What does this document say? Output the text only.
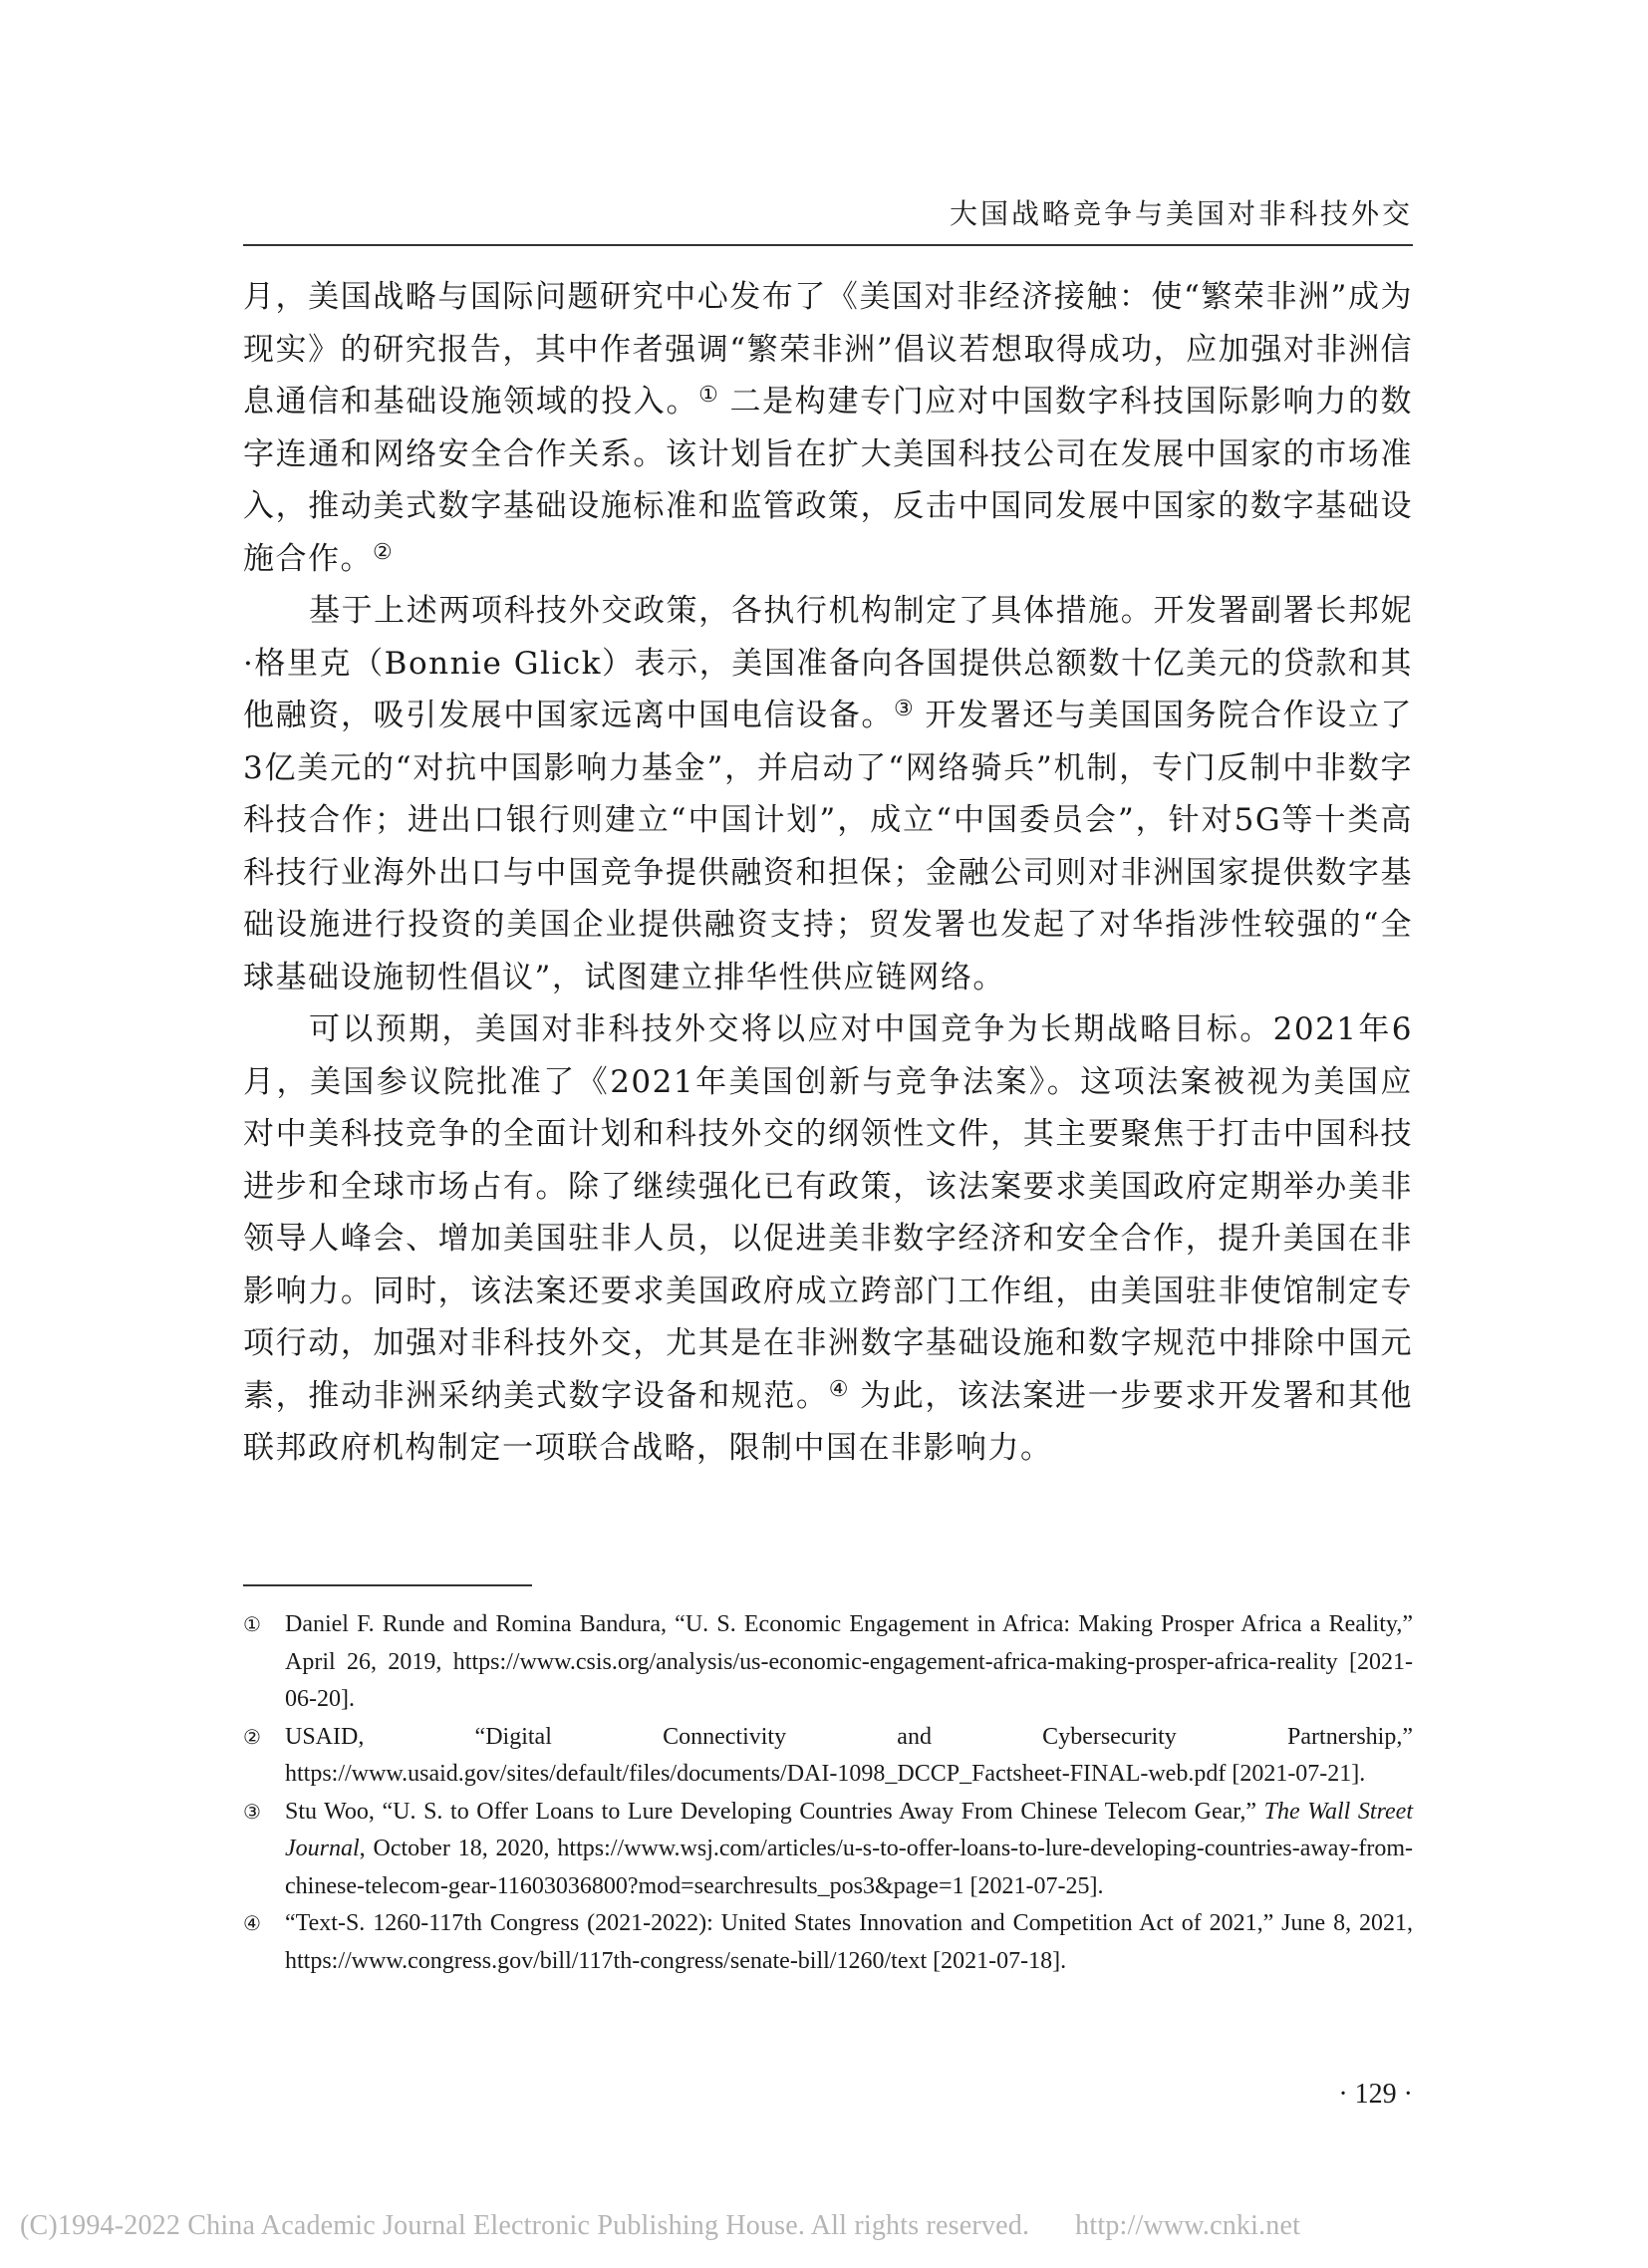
大国战略竞争与美国对非科技外交

月，美国战略与国际问题研究中心发布了《美国对非经济接触：使“繁荣非洲”成为现实》的研究报告，其中作者强调“繁荣非洲”倡议若想取得成功，应加强对非洲信息通信和基础设施领域的投入。① 二是构建专门应对中国数字科技国际影响力的数字连通和网络安全合作关系。该计划旨在扩大美国科技公司在发展中国家的市场准入，推动美式数字基础设施标准和监管政策，反击中国同发展中国家的数字基础设施合作。②

基于上述两项科技外交政策，各执行机构制定了具体措施。开发署副署长邦妮·格里克（Bonnie Glick）表示，美国准备向各国提供总额数十亿美元的贷款和其他融资，吸引发展中国家远离中国电信设备。③ 开发署还与美国国务院合作设立了3亿美元的“对抗中国影响力基金”，并启动了“网络骑兵”机制，专门反制中非数字科技合作；进出口银行则建立“中国计划”，成立“中国委员会”，针对5G等十类高科技行业海外出口与中国竞争提供融资和担保；金融公司则对非洲国家提供数字基础设施进行投资的美国企业提供融资支持；贸发署也发起了对华指涉性较强的“全球基础设施韧性倡议”，试图建立排华性供应链网络。

可以预期，美国对非科技外交将以应对中国竞争为长期战略目标。2021年6月，美国参议院批准了《2021年美国创新与竞争法案》。这项法案被视为美国应对中美科技竞争的全面计划和科技外交的纲领性文件，其主要聚焦于打击中国科技进步和全球市场占有。除了继续强化已有政策，该法案要求美国政府定期举办美非领导人峰会、增加美国驻非人员，以促进美非数字经济和安全合作，提升美国在非影响力。同时，该法案还要求美国政府成立跨部门工作组，由美国驻非使馆制定专项行动，加强对非科技外交，尤其是在非洲数字基础设施和数字规范中排除中国元素，推动非洲采纳美式数字设备和规范。④ 为此，该法案进一步要求开发署和其他联邦政府机构制定一项联合战略，限制中国在非影响力。

①	Daniel F. Runde and Romina Bandura, “U. S. Economic Engagement in Africa: Making Prosper Africa a Reality,” April 26, 2019, https://www.csis.org/analysis/us-economic-engagement-africa-making-prosper-africa-reality [2021-06-20].
②	USAID, “Digital Connectivity and Cybersecurity Partnership,” https://www.usaid.gov/sites/default/files/documents/DAI-1098_DCCP_Factsheet-FINAL-web.pdf [2021-07-21].
③	Stu Woo, “U. S. to Offer Loans to Lure Developing Countries Away From Chinese Telecom Gear,” The Wall Street Journal, October 18, 2020, https://www.wsj.com/articles/u-s-to-offer-loans-to-lure-developing-countries-away-from-chinese-telecom-gear-11603036800?mod=searchresults_pos3&page=1 [2021-07-25].
④	“Text-S. 1260-117th Congress (2021-2022): United States Innovation and Competition Act of 2021,” June 8, 2021, https://www.congress.gov/bill/117th-congress/senate-bill/1260/text [2021-07-18].
· 129 ·
(C)1994-2022 China Academic Journal Electronic Publishing House. All rights reserved. http://www.cnki.net
